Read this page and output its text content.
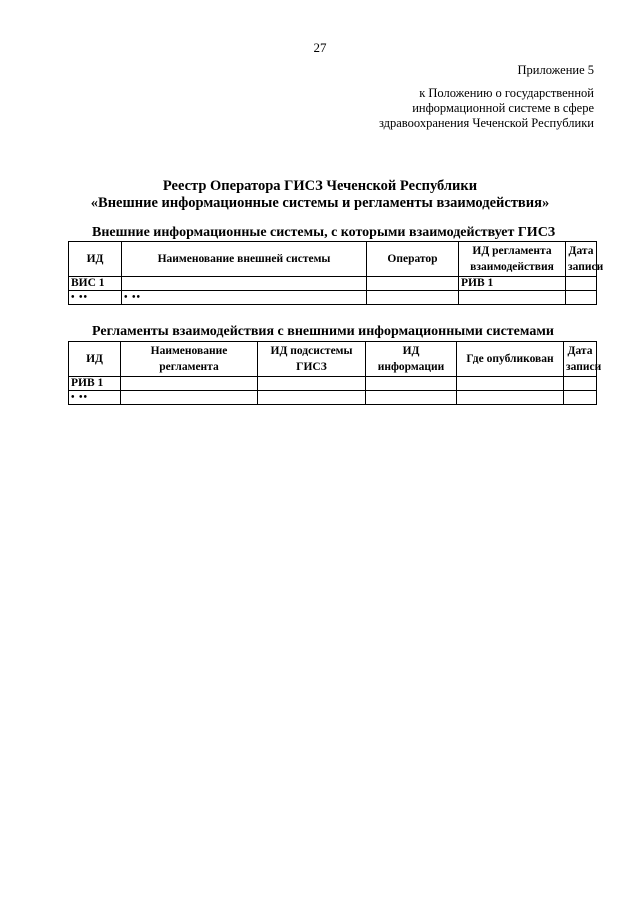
27
Приложение 5
к Положению о государственной
информационной системе в сфере
здравоохранения Чеченской Республики
Реестр Оператора ГИСЗ Чеченской Республики
«Внешние информационные системы и регламенты взаимодействия»
Внешние информационные системы, с которыми взаимодействует ГИСЗ
ИД	Наименование внешней системы	Оператор	ИД регламента взаимодействия	Дата записи
ВИС 1			РИВ 1	
• ••	• ••			
Регламенты взаимодействия с внешними информационными системами
ИД	Наименование регламента	ИД подсистемы ГИСЗ	ИД информации	Где опубликован	Дата записи
РИВ 1					
• ••					
